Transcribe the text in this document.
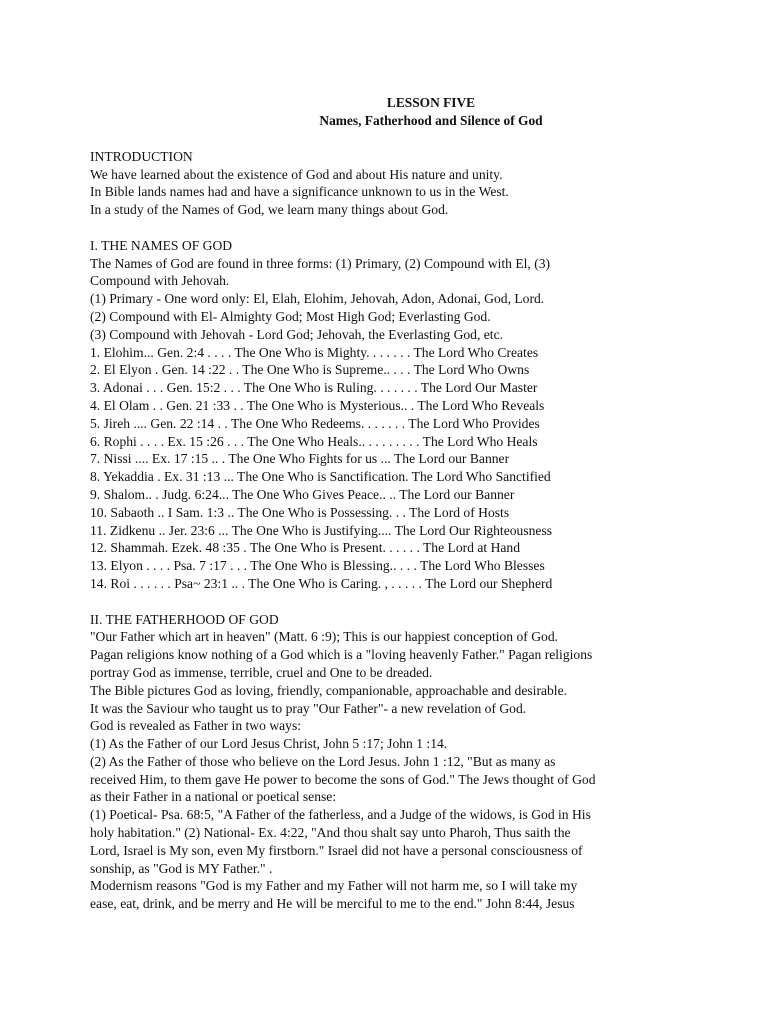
LESSON FIVE
Names, Fatherhood and Silence of God
INTRODUCTION
We have learned about the existence of God and about His nature and unity.
In Bible lands names had and have a significance unknown to us in the West.
In a study of the Names of God, we learn many things about God.
I. THE NAMES OF GOD
The Names of God are found in three forms: (1) Primary, (2) Compound with El, (3)
Compound with Jehovah.
(1) Primary - One word only: El, Elah, Elohim, Jehovah, Adon, Adonai, God, Lord.
(2) Compound with El- Almighty God; Most High God; Everlasting God.
(3) Compound with Jehovah - Lord God; Jehovah, the Everlasting God, etc.
1. Elohim... Gen. 2:4 . . . . The One Who is Mighty. . . . . . . The Lord Who Creates
2. El Elyon . Gen. 14 :22 . . The One Who is Supreme.. . . . The Lord Who Owns
3. Adonai . . . Gen. 15:2 . . . The One Who is Ruling. . . . . . . The Lord Our Master
4. El Olam . . Gen. 21 :33 . . The One Who is Mysterious.. . The Lord Who Reveals
5. Jireh .... Gen. 22 :14 . . The One Who Redeems. . . . . . . The Lord Who Provides
6. Rophi . . . . Ex. 15 :26 . . . The One Who Heals.. . . . . . . . . The Lord Who Heals
7. Nissi .... Ex. 17 :15 .. . The One Who Fights for us ... The Lord our Banner
8. Yekaddia . Ex. 31 :13 ... The One Who is Sanctification. The Lord Who Sanctified
9. Shalom.. . Judg. 6:24... The One Who Gives Peace.. .. The Lord our Banner
10. Sabaoth .. I Sam. 1:3 .. The One Who is Possessing. . . The Lord of Hosts
11. Zidkenu .. Jer. 23:6 ... The One Who is Justifying.... The Lord Our Righteousness
12. Shammah. Ezek. 48 :35 . The One Who is Present. . . . . . The Lord at Hand
13. Elyon . . . . Psa. 7 :17 . . . The One Who is Blessing.. . . . The Lord Who Blesses
14. Roi . . . . . . Psa~ 23:1 .. . The One Who is Caring. , . . . . . The Lord our Shepherd
II. THE FATHERHOOD OF GOD
"Our Father which art in heaven" (Matt. 6 :9); This is our happiest conception of God.
Pagan religions know nothing of a God which is a "loving heavenly Father." Pagan religions
portray God as immense, terrible, cruel and One to be dreaded.
The Bible pictures God as loving, friendly, companionable, approachable and desirable.
It was the Saviour who taught us to pray "Our Father"- a new revelation of God.
God is revealed as Father in two ways:
(1) As the Father of our Lord Jesus Christ, John 5 :17; John 1 :14.
(2) As the Father of those who believe on the Lord Jesus. John 1 :12, "But as many as
received Him, to them gave He power to become the sons of God." The Jews thought of God
as their Father in a national or poetical sense:
(1) Poetical- Psa. 68:5, "A Father of the fatherless, and a Judge of the widows, is God in His
holy habitation." (2) National- Ex. 4:22, "And thou shalt say unto Pharoh, Thus saith the
Lord, Israel is My son, even My firstborn." Israel did not have a personal consciousness of
sonship, as "God is MY Father." .
Modernism reasons "God is my Father and my Father will not harm me, so I will take my
ease, eat, drink, and be merry and He will be merciful to me to the end." John 8:44, Jesus
